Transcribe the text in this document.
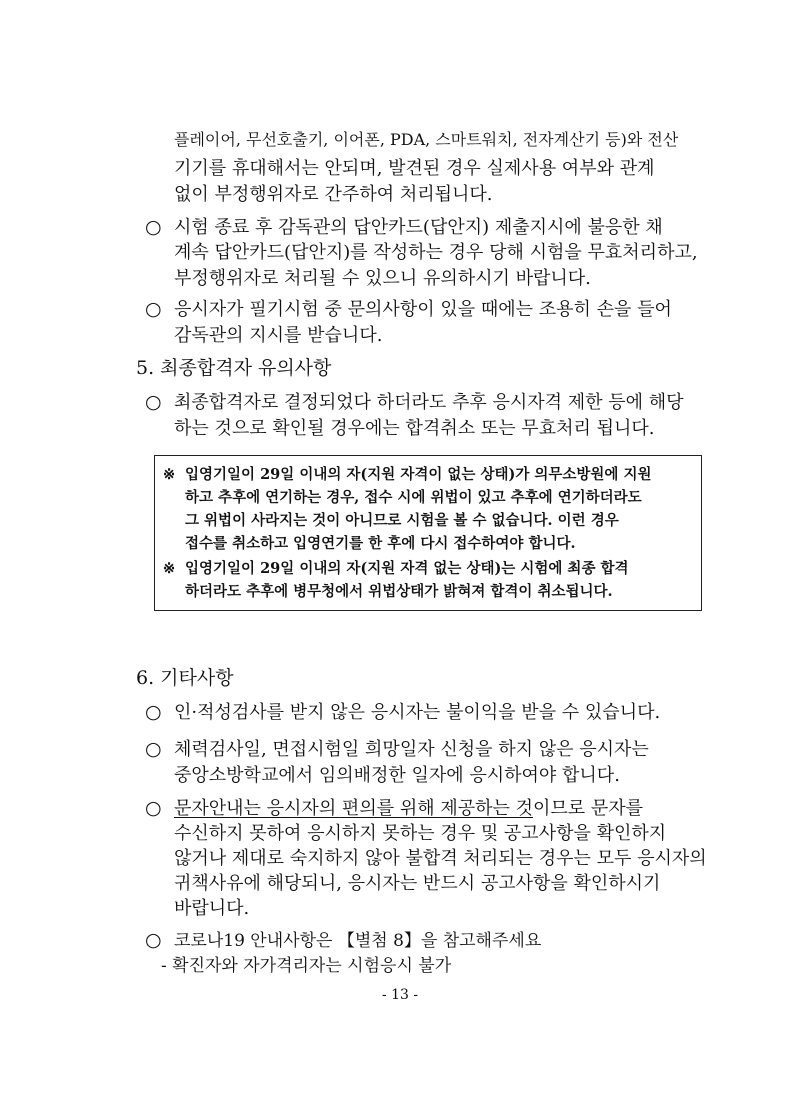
플레이어, 무선호출기, 이어폰, PDA, 스마트워치, 전자계산기 등)와 전산
기기를 휴대해서는 안되며, 발견된 경우 실제사용 여부와 관계
없이 부정행위자로 간주하여 처리됩니다.
○ 시험 종료 후 감독관의 답안카드(답안지) 제출지시에 불응한 채
계속 답안카드(답안지)를 작성하는 경우 당해 시험을 무효처리하고,
부정행위자로 처리될 수 있으니 유의하시기 바랍니다.
○ 응시자가 필기시험 중 문의사항이 있을 때에는 조용히 손을 들어
감독관의 지시를 받습니다.
5. 최종합격자 유의사항
○ 최종합격자로 결정되었다 하더라도 추후 응시자격 제한 등에 해당
하는 것으로 확인될 경우에는 합격취소 또는 무효처리 됩니다.
※ 입영기일이 29일 이내의 자(지원 자격이 없는 상태)가 의무소방원에 지원
하고 추후에 연기하는 경우, 접수 시에 위법이 있고 추후에 연기하더라도
그 위법이 사라지는 것이 아니므로 시험을 볼 수 없습니다. 이런 경우
접수를 취소하고 입영연기를 한 후에 다시 접수하여야 합니다.
※ 입영기일이 29일 이내의 자(지원 자격 없는 상태)는 시험에 최종 합격
하더라도 추후에 병무청에서 위법상태가 밝혀져 합격이 취소됩니다.
6. 기타사항
○ 인·적성검사를 받지 않은 응시자는 불이익을 받을 수 있습니다.
○ 체력검사일, 면접시험일 희망일자 신청을 하지 않은 응시자는
중앙소방학교에서 임의배정한 일자에 응시하여야 합니다.
○ 문자안내는 응시자의 편의를 위해 제공하는 것이므로 문자를
수신하지 못하여 응시하지 못하는 경우 및 공고사항을 확인하지
않거나 제대로 숙지하지 않아 불합격 처리되는 경우는 모두 응시자의
귀책사유에 해당되니, 응시자는 반드시 공고사항을 확인하시기
바랍니다.
○ 코로나19 안내사항은 【별첨 8】을 참고해주세요
- 확진자와 자가격리자는 시험응시 불가
- 13 -
